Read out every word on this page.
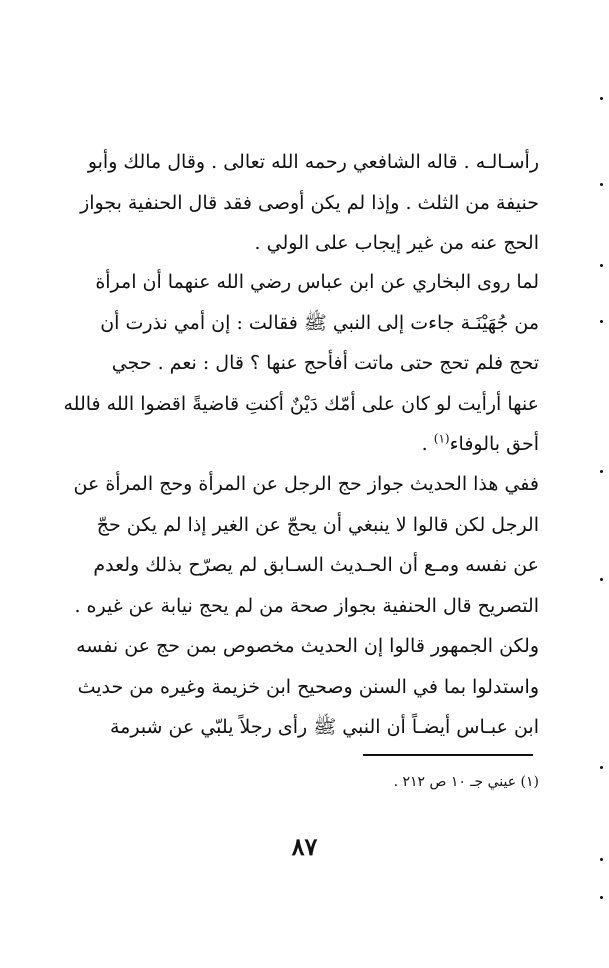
رأسـالـه . قاله الشافعي رحمه الله تعالى . وقال مالك وأبو
حنيفة من الثلث . وإذا لم يكن أوصى فقد قال الحنفية بجواز
الحج عنه من غير إيجاب على الولي .
لما روى البخاري عن ابن عباس رضي الله عنهما أن امرأة
من جُهَيْنَـة جاءت إلى النبي ﷺ فقالت : إن أمي نذرت أن
تحج فلم تحج حتى ماتت أفأحج عنها ؟ قال : نعم . حجي
عنها أرأيت لو كان على أمّك دَيْنٌ أكنتِ قاضيةً اقضوا الله فالله
أحق بالوفاء$^{(١)}$ .
ففي هذا الحديث جواز حج الرجل عن المرأة وحج المرأة عن
الرجل لكن قالوا لا ينبغي أن يحجّ عن الغير إذا لم يكن حجّ
عن نفسه ومـع أن الحـديث السـابق لم يصرّح بذلك ولعدم
التصريح قال الحنفية بجواز صحة من لم يحج نيابة عن غيره .
ولكن الجمهور قالوا إن الحديث مخصوص بمن حج عن نفسه
واستدلوا بما في السنن وصحيح ابن خزيمة وغيره من حديث
ابن عبـاس أيضـاً أن النبي ﷺ رأى رجلاً يلبّي عن شبرمة
(١) عيني جـ ١٠ ص ٢١٢ .
٨٧
